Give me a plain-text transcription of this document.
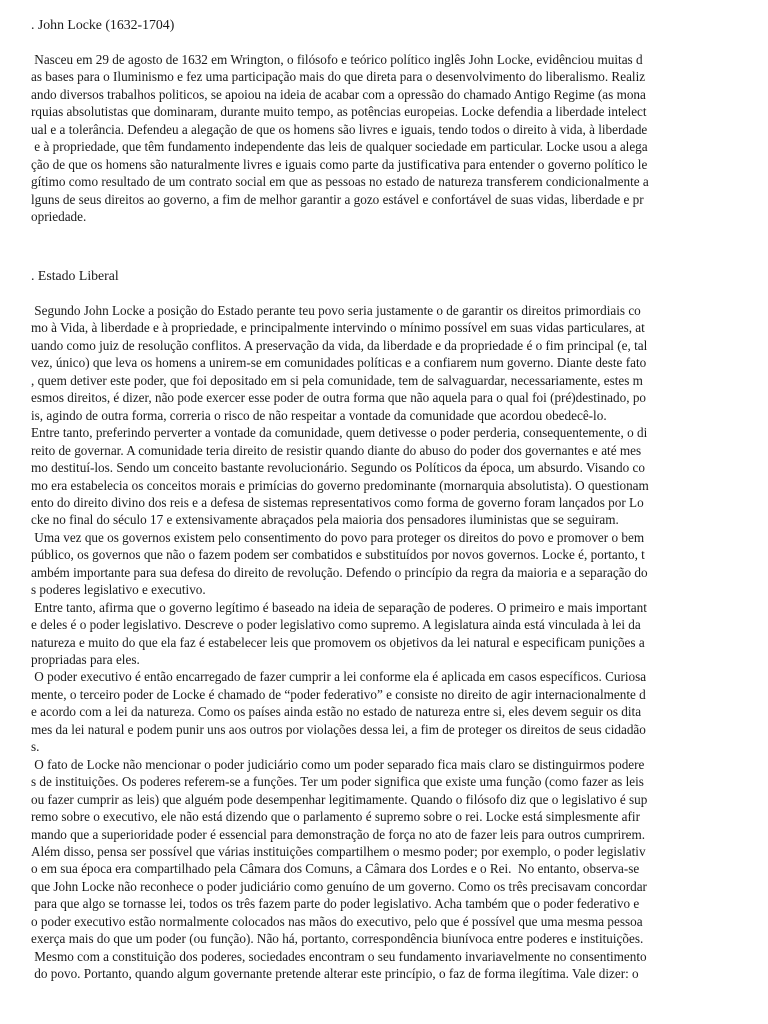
. John Locke (1632-1704)
Nasceu em 29 de agosto de 1632 em Wrington, o filósofo e teórico político inglês John Locke, evidênciou muitas d
as bases para o Iluminismo e fez uma participação mais do que direta para o desenvolvimento do liberalismo. Realiz
ando diversos trabalhos politicos, se apoiou na ideia de acabar com a opressão do chamado Antigo Regime (as mona
rquias absolutistas que dominaram, durante muito tempo, as potências europeias. Locke defendia a liberdade intelect
ual e a tolerância. Defendeu a alegação de que os homens são livres e iguais, tendo todos o direito à vida, à liberdade
e à propriedade, que têm fundamento independente das leis de qualquer sociedade em particular. Locke usou a alega
ção de que os homens são naturalmente livres e iguais como parte da justificativa para entender o governo político le
gítimo como resultado de um contrato social em que as pessoas no estado de natureza transferem condicionalmente a
lguns de seus direitos ao governo, a fim de melhor garantir a gozo estável e confortável de suas vidas, liberdade e pr
opriedade.
. Estado Liberal
Segundo John Locke a posição do Estado perante teu povo seria justamente o de garantir os direitos primordiais co
mo à Vida, à liberdade e à propriedade, e principalmente intervindo o mínimo possível em suas vidas particulares, at
uando como juiz de resolução conflitos. A preservação da vida, da liberdade e da propriedade é o fim principal (e, tal
vez, único) que leva os homens a unirem-se em comunidades políticas e a confiarem num governo. Diante deste fato
, quem detiver este poder, que foi depositado em si pela comunidade, tem de salvaguardar, necessariamente, estes m
esmos direitos, é dizer, não pode exercer esse poder de outra forma que não aquela para o qual foi (pré)destinado, po
is, agindo de outra forma, correria o risco de não respeitar a vontade da comunidade que acordou obedecê-lo.
Entre tanto, preferindo perverter a vontade da comunidade, quem detivesse o poder perderia, consequentemente, o di
reito de governar. A comunidade teria direito de resistir quando diante do abuso do poder dos governantes e até mes
mo destituí-los. Sendo um conceito bastante revolucionário. Segundo os Políticos da época, um absurdo. Visando co
mo era estabelecia os conceitos morais e primícias do governo predominante (mornarquia absolutista). O questionam
ento do direito divino dos reis e a defesa de sistemas representativos como forma de governo foram lançados por Lo
cke no final do século 17 e extensivamente abraçados pela maioria dos pensadores iluministas que se seguiram.
Uma vez que os governos existem pelo consentimento do povo para proteger os direitos do povo e promover o bem
público, os governos que não o fazem podem ser combatidos e substituídos por novos governos. Locke é, portanto, t
ambém importante para sua defesa do direito de revolução. Defendo o princípio da regra da maioria e a separação do
s poderes legislativo e executivo.
Entre tanto, afirma que o governo legítimo é baseado na ideia de separação de poderes. O primeiro e mais important
e deles é o poder legislativo. Descreve o poder legislativo como supremo. A legislatura ainda está vinculada à lei da
natureza e muito do que ela faz é estabelecer leis que promovem os objetivos da lei natural e especificam punições a
propriadas para eles.
O poder executivo é então encarregado de fazer cumprir a lei conforme ela é aplicada em casos específicos. Curiosa
mente, o terceiro poder de Locke é chamado de “poder federativo” e consiste no direito de agir internacionalmente d
e acordo com a lei da natureza. Como os países ainda estão no estado de natureza entre si, eles devem seguir os dita
mes da lei natural e podem punir uns aos outros por violações dessa lei, a fim de proteger os direitos de seus cidadão
s.
O fato de Locke não mencionar o poder judiciário como um poder separado fica mais claro se distinguirmos podere
s de instituições. Os poderes referem-se a funções. Ter um poder significa que existe uma função (como fazer as leis
ou fazer cumprir as leis) que alguém pode desempenhar legitimamente. Quando o filósofo diz que o legislativo é sup
remo sobre o executivo, ele não está dizendo que o parlamento é supremo sobre o rei. Locke está simplesmente afir
mando que a superioridade poder é essencial para demonstração de força no ato de fazer leis para outros cumprirem.
Além disso, pensa ser possível que várias instituições compartilhem o mesmo poder; por exemplo, o poder legislativ
o em sua época era compartilhado pela Câmara dos Comuns, a Câmara dos Lordes e o Rei.  No entanto, observa-se
que John Locke não reconhece o poder judiciário como genuíno de um governo. Como os três precisavam concordar
para que algo se tornasse lei, todos os três fazem parte do poder legislativo. Acha também que o poder federativo e
o poder executivo estão normalmente colocados nas mãos do executivo, pelo que é possível que uma mesma pessoa
exerça mais do que um poder (ou função). Não há, portanto, correspondência biunívoca entre poderes e instituições.
Mesmo com a constituição dos poderes, sociedades encontram o seu fundamento invariavelmente no consentimento
do povo. Portanto, quando algum governante pretende alterar este princípio, o faz de forma ilegítima. Vale dizer: o
